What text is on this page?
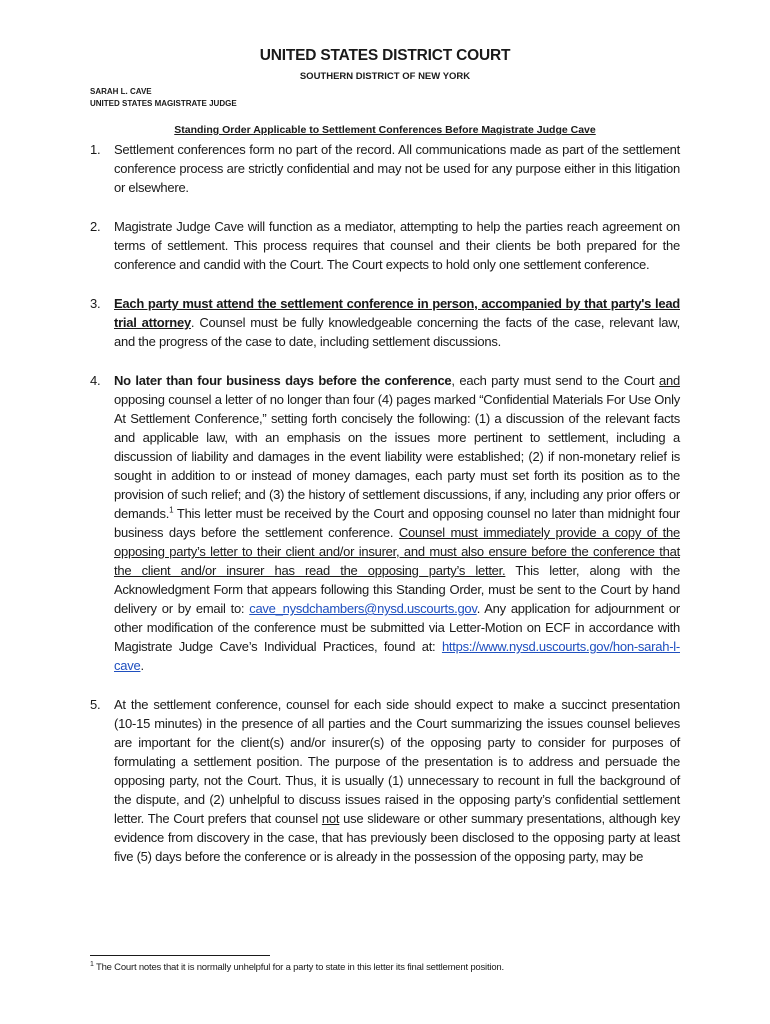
UNITED STATES DISTRICT COURT
SOUTHERN DISTRICT OF NEW YORK
SARAH L. CAVE
UNITED STATES MAGISTRATE JUDGE
Standing Order Applicable to Settlement Conferences Before Magistrate Judge Cave
1. Settlement conferences form no part of the record. All communications made as part of the settlement conference process are strictly confidential and may not be used for any purpose either in this litigation or elsewhere.
2. Magistrate Judge Cave will function as a mediator, attempting to help the parties reach agreement on terms of settlement. This process requires that counsel and their clients be both prepared for the conference and candid with the Court. The Court expects to hold only one settlement conference.
3. Each party must attend the settlement conference in person, accompanied by that party's lead trial attorney. Counsel must be fully knowledgeable concerning the facts of the case, relevant law, and the progress of the case to date, including settlement discussions.
4. No later than four business days before the conference, each party must send to the Court and opposing counsel a letter of no longer than four (4) pages marked “Confidential Materials For Use Only At Settlement Conference,” setting forth concisely the following: (1) a discussion of the relevant facts and applicable law, with an emphasis on the issues more pertinent to settlement, including a discussion of liability and damages in the event liability were established; (2) if non-monetary relief is sought in addition to or instead of money damages, each party must set forth its position as to the provision of such relief; and (3) the history of settlement discussions, if any, including any prior offers or demands.$^1$ This letter must be received by the Court and opposing counsel no later than midnight four business days before the settlement conference. Counsel must immediately provide a copy of the opposing party’s letter to their client and/or insurer, and must also ensure before the conference that the client and/or insurer has read the opposing party’s letter. This letter, along with the Acknowledgment Form that appears following this Standing Order, must be sent to the Court by hand delivery or by email to: cave_nysdchambers@nysd.uscourts.gov. Any application for adjournment or other modification of the conference must be submitted via Letter-Motion on ECF in accordance with Magistrate Judge Cave’s Individual Practices, found at: https://www.nysd.uscourts.gov/hon-sarah-l-cave.
5. At the settlement conference, counsel for each side should expect to make a succinct presentation (10-15 minutes) in the presence of all parties and the Court summarizing the issues counsel believes are important for the client(s) and/or insurer(s) of the opposing party to consider for purposes of formulating a settlement position. The purpose of the presentation is to address and persuade the opposing party, not the Court. Thus, it is usually (1) unnecessary to recount in full the background of the dispute, and (2) unhelpful to discuss issues raised in the opposing party’s confidential settlement letter. The Court prefers that counsel not use slideware or other summary presentations, although key evidence from discovery in the case, that has previously been disclosed to the opposing party at least five (5) days before the conference or is already in the possession of the opposing party, may be
$^1$ The Court notes that it is normally unhelpful for a party to state in this letter its final settlement position.
